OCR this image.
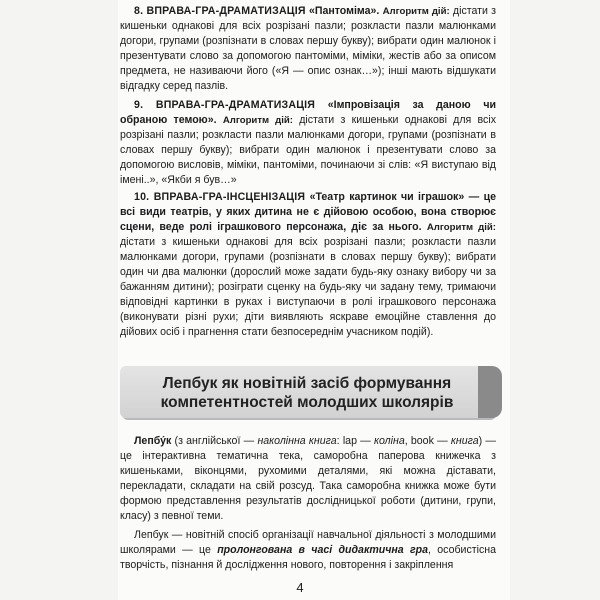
8. ВПРАВА-ГРА-ДРАМАТИЗАЦІЯ «Пантоміма». Алгоритм дій: дістати з кишеньки однакові для всіх розрізані пазли; розкласти пазли малюнками догори, групами (розпізнати в словах першу букву); вибрати один малюнок і презентувати слово за допомогою пантоміми, міміки, жестів або за описом предмета, не називаючи його («Я — опис ознак…»); інші мають відшукати відгадку серед пазлів.

9. ВПРАВА-ГРА-ДРАМАТИЗАЦІЯ «Імпровізація за даною чи обраною темою». Алгоритм дій: дістати з кишеньки однакові для всіх розрізані пазли; розкласти пазли малюнками догори, групами (розпізнати в словах першу букву); вибрати один малюнок і презентувати слово за допомогою висловів, міміки, пантоміми, починаючи зі слів: «Я виступаю від імені..», «Якби я був…»

10. ВПРАВА-ГРА-ІНСЦЕНІЗАЦІЯ «Театр картинок чи іграшок» — це всі види театрів, у яких дитина не є дійовою особою, вона створює сцени, веде ролі іграшкового персонажа, діє за нього. Алгоритм дій: дістати з кишеньки однакові для всіх розрізані пазли; розкласти пазли малюнками догори, групами (розпізнати в словах першу букву); вибрати один чи два малюнки (дорослий може задати будь-яку ознаку вибору чи за бажанням дитини); розіграти сценку на будь-яку чи задану тему, тримаючи відповідні картинки в руках і виступаючи в ролі іграшкового персонажа (виконувати різні рухи; діти виявляють яскраве емоційне ставлення до дійових осіб і прагнення стати безпосереднім учасником подій).

Лепбук як новітній засіб формування
компетентностей молодших школярів

Лепбу́к (з англійської — наколінна книга: lap — коліна, book — книга) — це інтерактивна тематична тека, саморобна паперова книжечка з кишеньками, віконцями, рухомими деталями, які можна діставати, перекладати, складати на свій розсуд. Така саморобна книжка може бути формою представлення результатів дослідницької роботи (дитини, групи, класу) з певної теми.

Лепбук — новітній спосіб організації навчальної діяльності з молодшими школярами — це пролонгована в часі дидактична гра, особистісна творчість, пізнання й дослідження нового, повторення і закріплення

4
